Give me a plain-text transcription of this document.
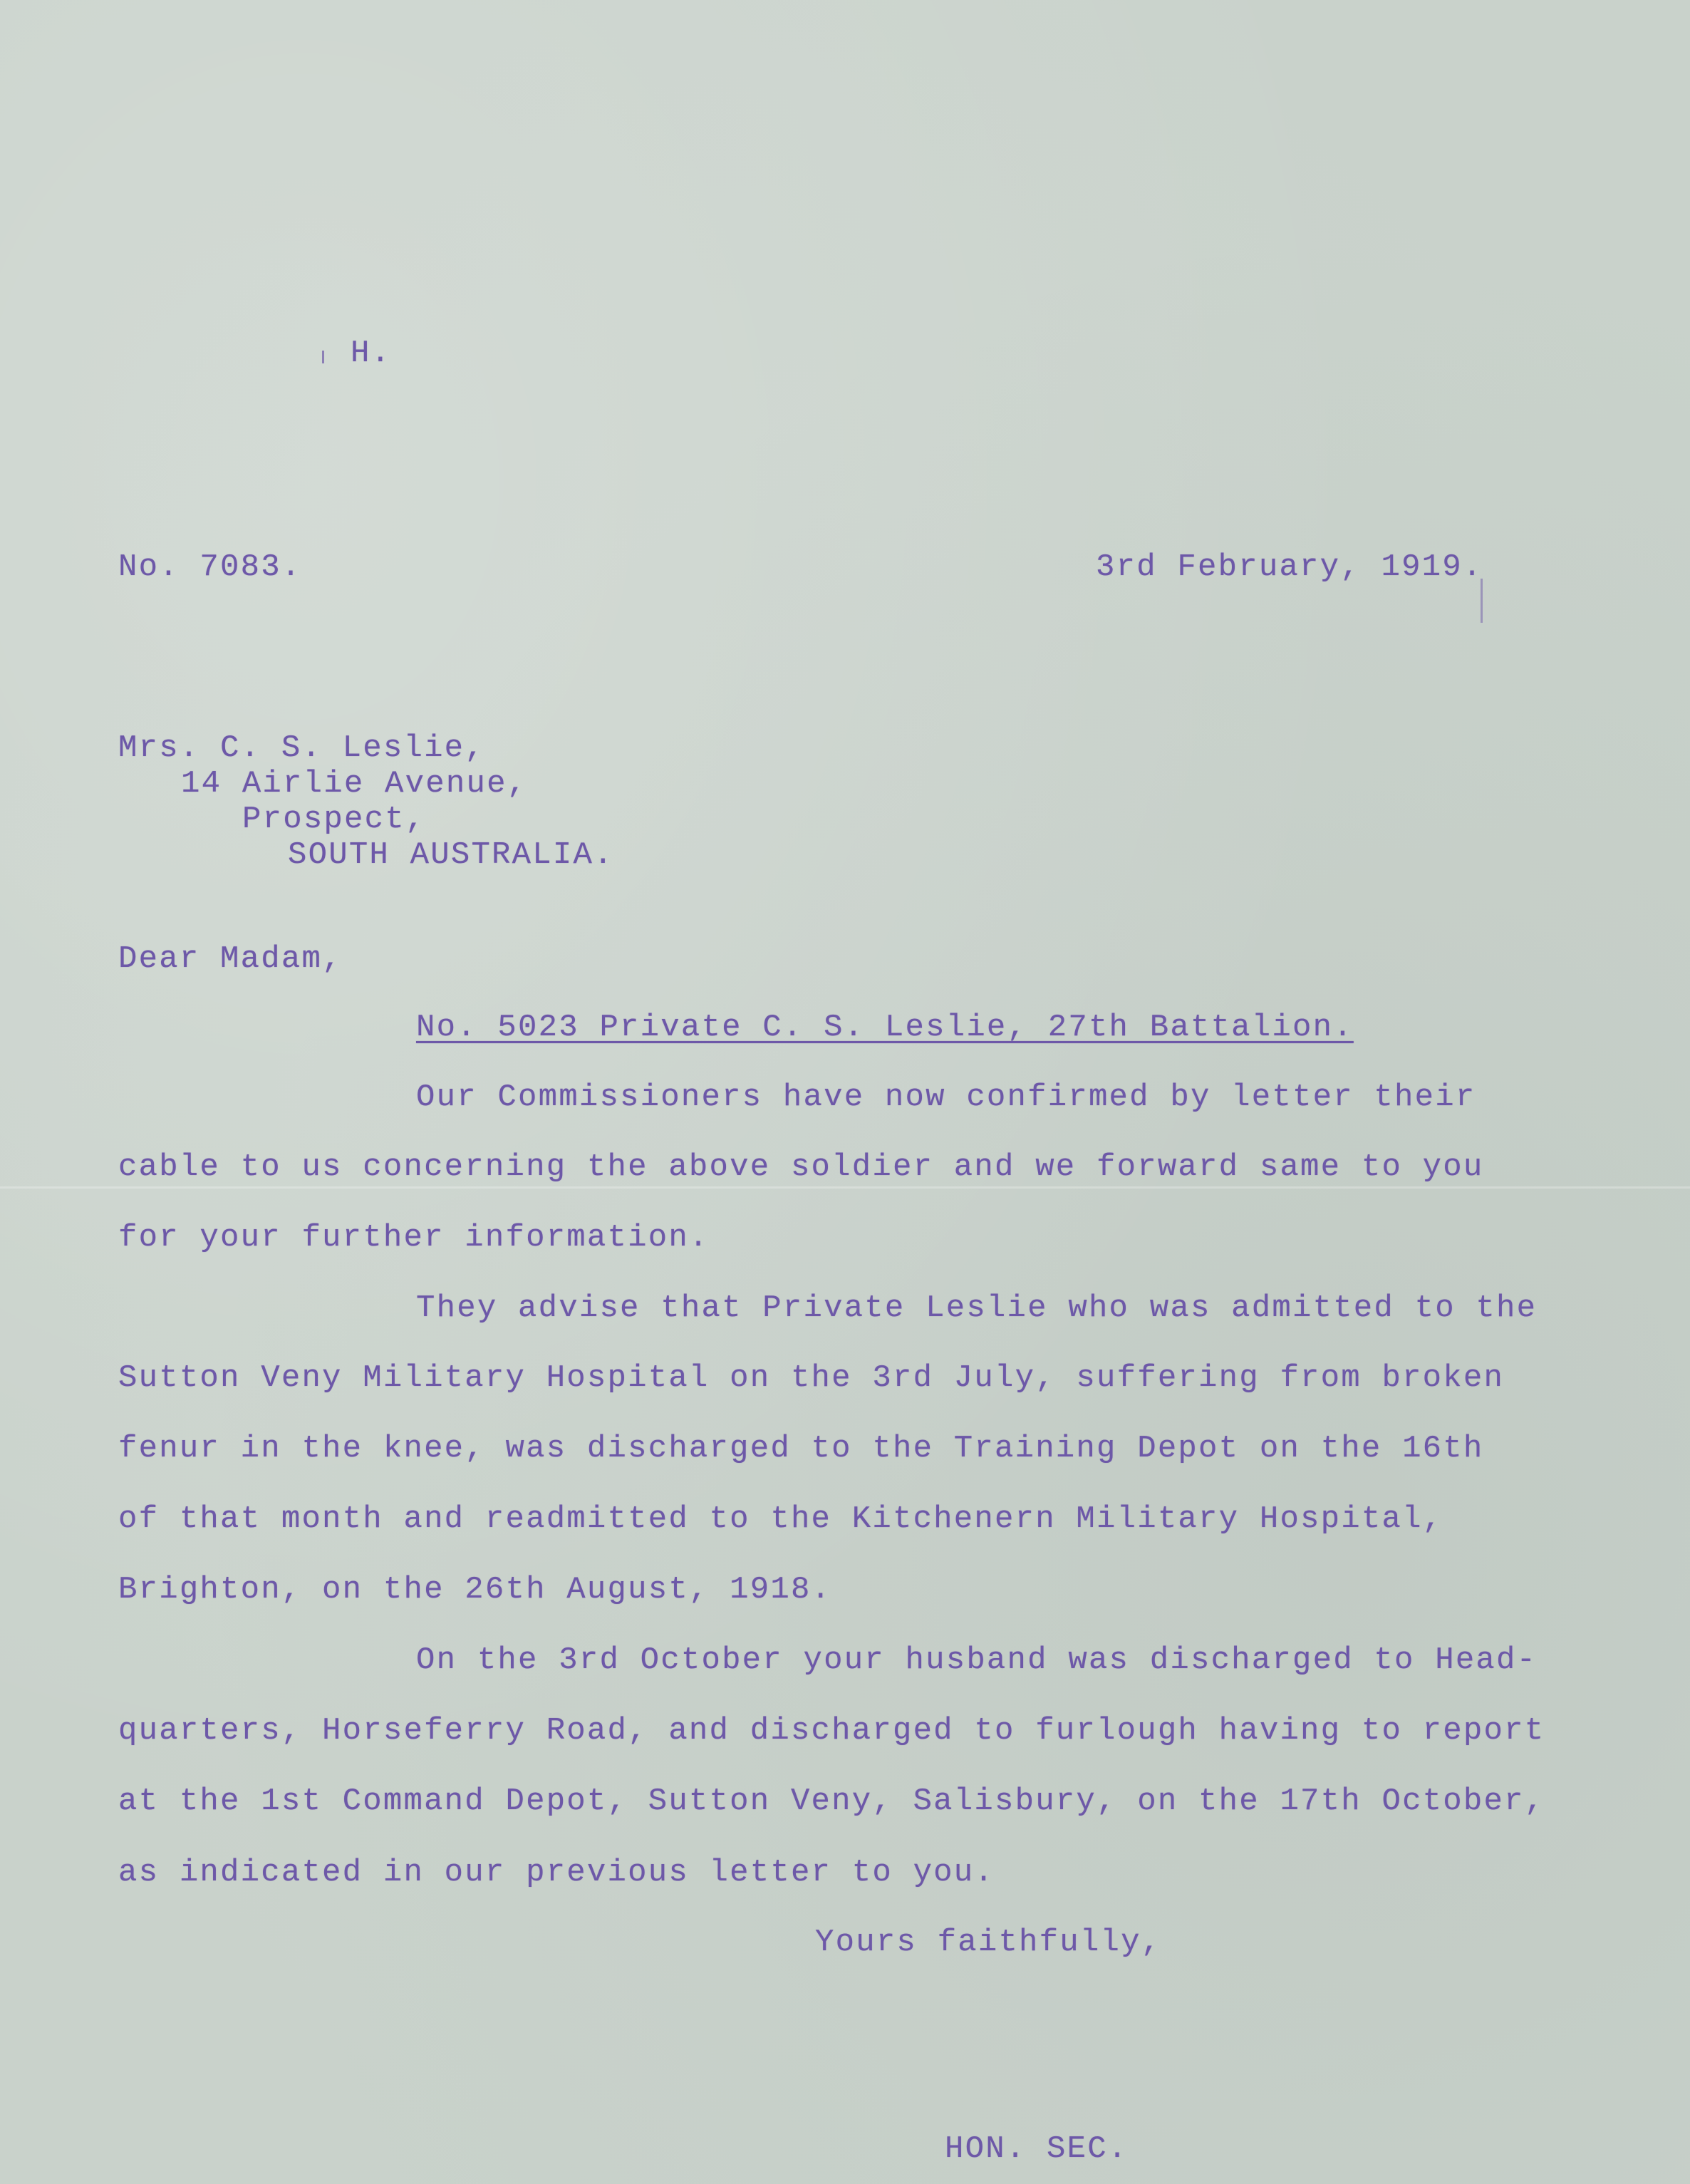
H.
No. 7083.	3rd February, 1919.
Mrs. C. S. Leslie,
14 Airlie Avenue,
Prospect,
SOUTH AUSTRALIA.
Dear Madam,
No. 5023 Private C. S. Leslie, 27th Battalion.
Our Commissioners have now confirmed by letter their
cable to us concerning the above soldier and we forward same to you
for your further information.
They advise that Private Leslie who was admitted to the
Sutton Veny Military Hospital on the 3rd July, suffering from broken
fenur in the knee, was discharged to the Training Depot on the 16th
of that month and readmitted to the Kitchenern Military Hospital,
Brighton, on the 26th August, 1918.
On the 3rd October your husband was discharged to Head-
quarters, Horseferry Road, and discharged to furlough having to report
at the 1st Command Depot, Sutton Veny, Salisbury, on the 17th October,
as indicated in our previous letter to you.
Yours faithfully,
HON. SEC.
